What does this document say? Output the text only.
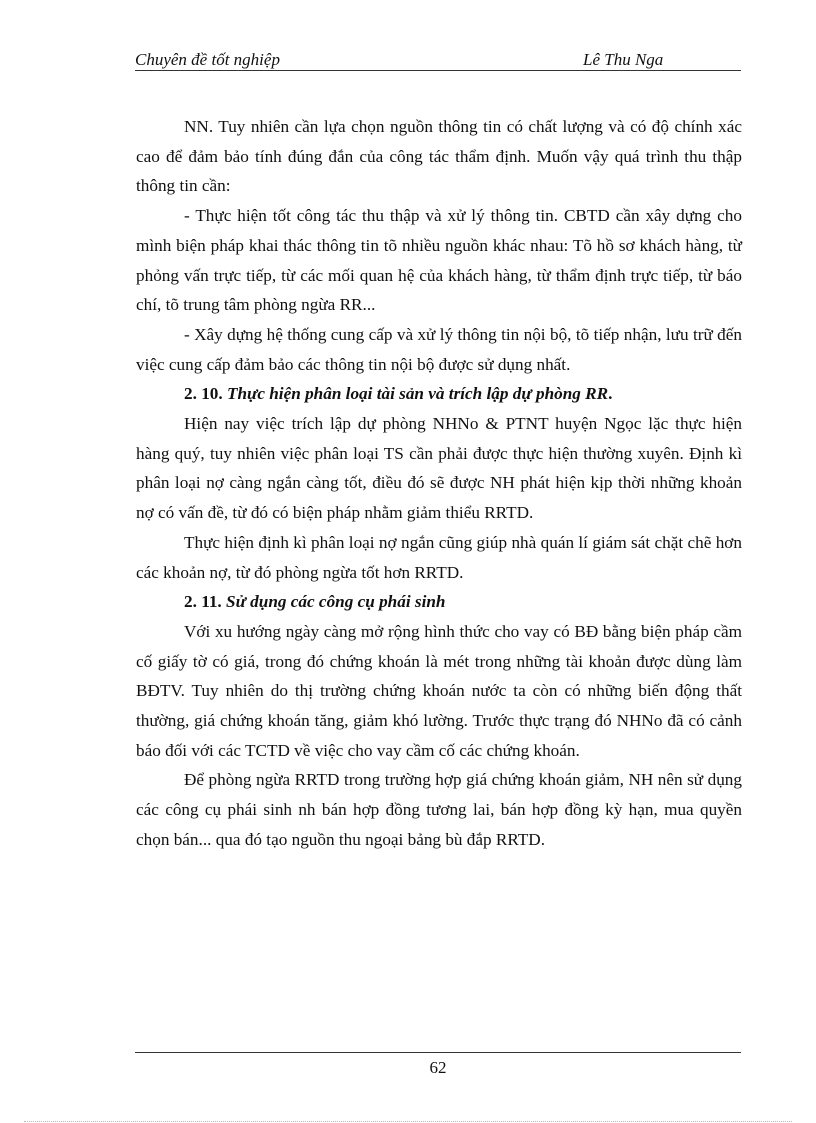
Chuyên đề tốt nghiệp	Lê Thu Nga

NN. Tuy nhiên cần lựa chọn nguồn thông tin có chất lượng và có độ chính xác cao để đảm bảo tính đúng đắn của công tác thẩm định. Muốn vậy quá trình thu thập thông tin cần:

- Thực hiện tốt công tác thu thập và xử lý thông tin. CBTD cần xây dựng cho mình biện pháp khai thác thông tin tõ nhiều nguồn khác nhau: Tõ hồ sơ khách hàng, từ phỏng vấn trực tiếp, từ các mối quan hệ của khách hàng, từ thẩm định trực tiếp, từ báo chí, tõ trung tâm phòng ngừa RR...

- Xây dựng hệ thống cung cấp và xử lý thông tin nội bộ, tõ tiếp nhận, lưu trữ đến việc cung cấp đảm bảo các thông tin nội bộ được sử dụng nhất.

2. 10. Thực hiện phân loại tài sản và trích lập dự phòng RR.

Hiện nay việc trích lập dự phòng NHNo & PTNT huyện Ngọc lặc thực hiện hàng quý, tuy nhiên việc phân loại TS cần phải được thực hiện thường xuyên. Định kì phân loại nợ càng ngắn càng tốt, điều đó sẽ được NH phát hiện kịp thời những khoản nợ có vấn đề, từ đó có biện pháp nhằm giảm thiểu RRTD.

Thực hiện định kì phân loại nợ ngắn cũng giúp nhà quán lí giám sát chặt chẽ hơn các khoản nợ, từ đó phòng ngừa tốt hơn RRTD.

2. 11. Sử dụng các công cụ phái sinh

Với xu hướng ngày càng mở rộng hình thức cho vay có BĐ bằng biện pháp cầm cố giấy tờ có giá, trong đó chứng khoán là mét trong những tài khoản được dùng làm BĐTV. Tuy nhiên do thị trường chứng khoán nước ta còn có những biến động thất thường, giá chứng khoán tăng, giảm khó lường. Trước thực trạng đó NHNo đã có cảnh báo đối với các TCTD về việc cho vay cầm cố các chứng khoán.

Để phòng ngừa RRTD trong trường hợp giá chứng khoán giảm, NH nên sử dụng các công cụ phái sinh nh bán hợp đồng tương lai, bán hợp đồng kỳ hạn, mua quyền chọn bán... qua đó tạo nguồn thu ngoại bảng bù đắp RRTD.

62
